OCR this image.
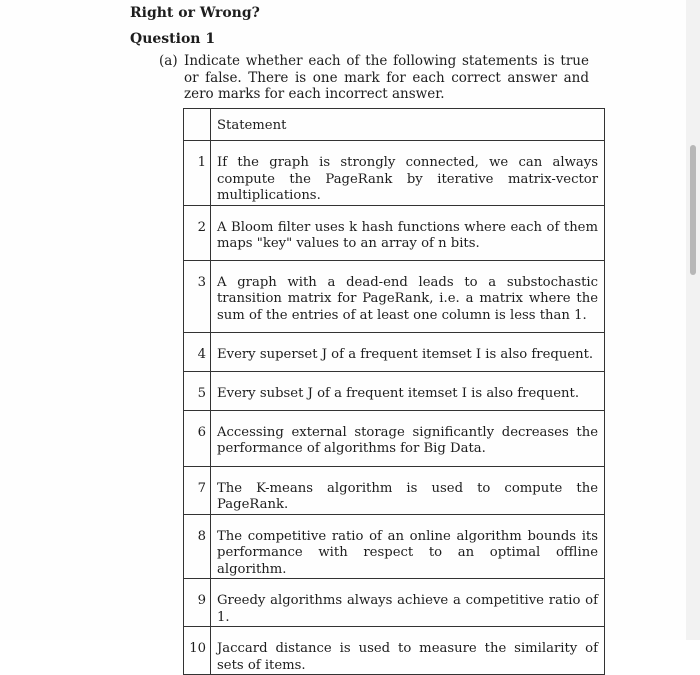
Right or Wrong?
Question 1
(a) Indicate whether each of the following statements is true or false. There is one mark for each correct answer and zero marks for each incorrect answer.
	Statement
1	If the graph is strongly connected, we can always compute the PageRank by iterative matrix-vector multiplications.
2	A Bloom filter uses k hash functions where each of them maps "key" values to an array of n bits.
3	A graph with a dead-end leads to a substochastic transition matrix for PageRank, i.e. a matrix where the sum of the entries of at least one column is less than 1.
4	Every superset J of a frequent itemset I is also frequent.
5	Every subset J of a frequent itemset I is also frequent.
6	Accessing external storage significantly decreases the performance of algorithms for Big Data.
7	The K-means algorithm is used to compute the PageRank.
8	The competitive ratio of an online algorithm bounds its performance with respect to an optimal offline algorithm.
9	Greedy algorithms always achieve a competitive ratio of 1.
10	Jaccard distance is used to measure the similarity of sets of items.
